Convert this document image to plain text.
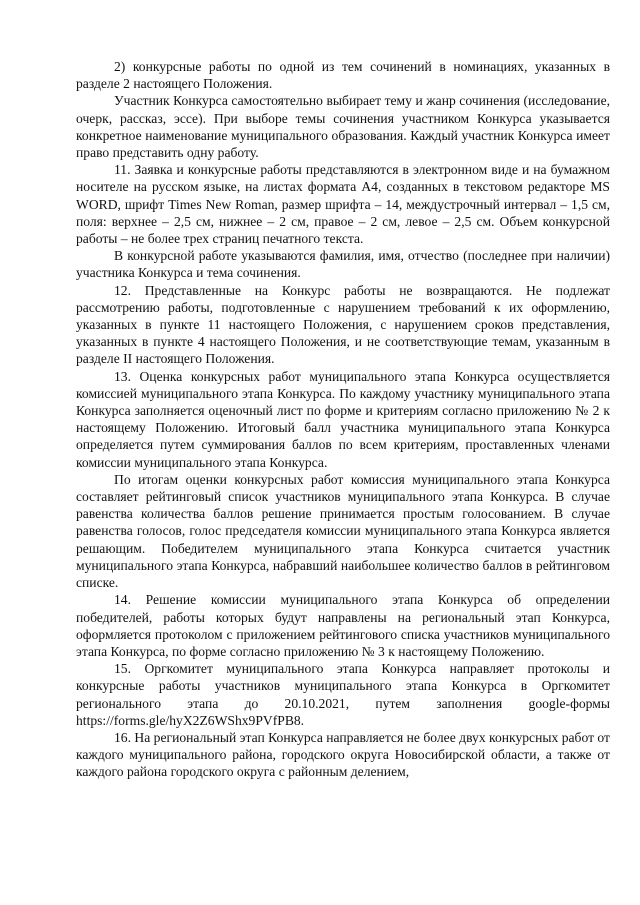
2) конкурсные работы по одной из тем сочинений в номинациях, указанных в разделе 2 настоящего Положения.

Участник Конкурса самостоятельно выбирает тему и жанр сочинения (исследование, очерк, рассказ, эссе). При выборе темы сочинения участником Конкурса указывается конкретное наименование муниципального образования. Каждый участник Конкурса имеет право представить одну работу.

11. Заявка и конкурсные работы представляются в электронном виде и на бумажном носителе на русском языке, на листах формата А4, созданных в текстовом редакторе MS WORD, шрифт Times New Roman, размер шрифта – 14, междустрочный интервал – 1,5 см, поля: верхнее – 2,5 см, нижнее – 2 см, правое – 2 см, левое – 2,5 см. Объем конкурсной работы – не более трех страниц печатного текста.

В конкурсной работе указываются фамилия, имя, отчество (последнее при наличии) участника Конкурса и тема сочинения.

12. Представленные на Конкурс работы не возвращаются. Не подлежат рассмотрению работы, подготовленные с нарушением требований к их оформлению, указанных в пункте 11 настоящего Положения, с нарушением сроков представления, указанных в пункте 4 настоящего Положения, и не соответствующие темам, указанным в разделе II настоящего Положения.

13. Оценка конкурсных работ муниципального этапа Конкурса осуществляется комиссией муниципального этапа Конкурса. По каждому участнику муниципального этапа Конкурса заполняется оценочный лист по форме и критериям согласно приложению № 2 к настоящему Положению. Итоговый балл участника муниципального этапа Конкурса определяется путем суммирования баллов по всем критериям, проставленных членами комиссии муниципального этапа Конкурса.

По итогам оценки конкурсных работ комиссия муниципального этапа Конкурса составляет рейтинговый список участников муниципального этапа Конкурса. В случае равенства количества баллов решение принимается простым голосованием. В случае равенства голосов, голос председателя комиссии муниципального этапа Конкурса является решающим. Победителем муниципального этапа Конкурса считается участник муниципального этапа Конкурса, набравший наибольшее количество баллов в рейтинговом списке.

14. Решение комиссии муниципального этапа Конкурса об определении победителей, работы которых будут направлены на региональный этап Конкурса, оформляется протоколом с приложением рейтингового списка участников муниципального этапа Конкурса, по форме согласно приложению № 3 к настоящему Положению.

15. Оргкомитет муниципального этапа Конкурса направляет протоколы и конкурсные работы участников муниципального этапа Конкурса в Оргкомитет регионального этапа до 20.10.2021, путем заполнения google-формы https://forms.gle/hyX2Z6WShx9PVfPB8.

16. На региональный этап Конкурса направляется не более двух конкурсных работ от каждого муниципального района, городского округа Новосибирской области, а также от каждого района городского округа с районным делением,
